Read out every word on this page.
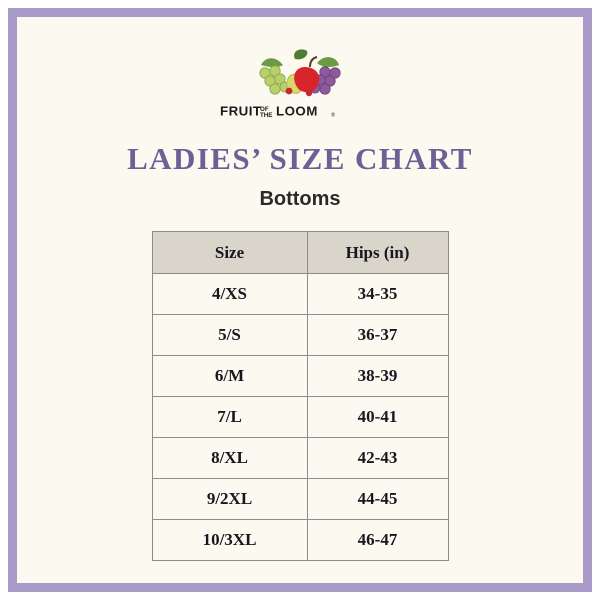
FRUIT
OF
THE LOOM ®
LADIES’ SIZE CHART
Bottoms
Size	Hips (in)
4/XS	34-35
5/S	36-37
6/M	38-39
7/L	40-41
8/XL	42-43
9/2XL	44-45
10/3XL	46-47
